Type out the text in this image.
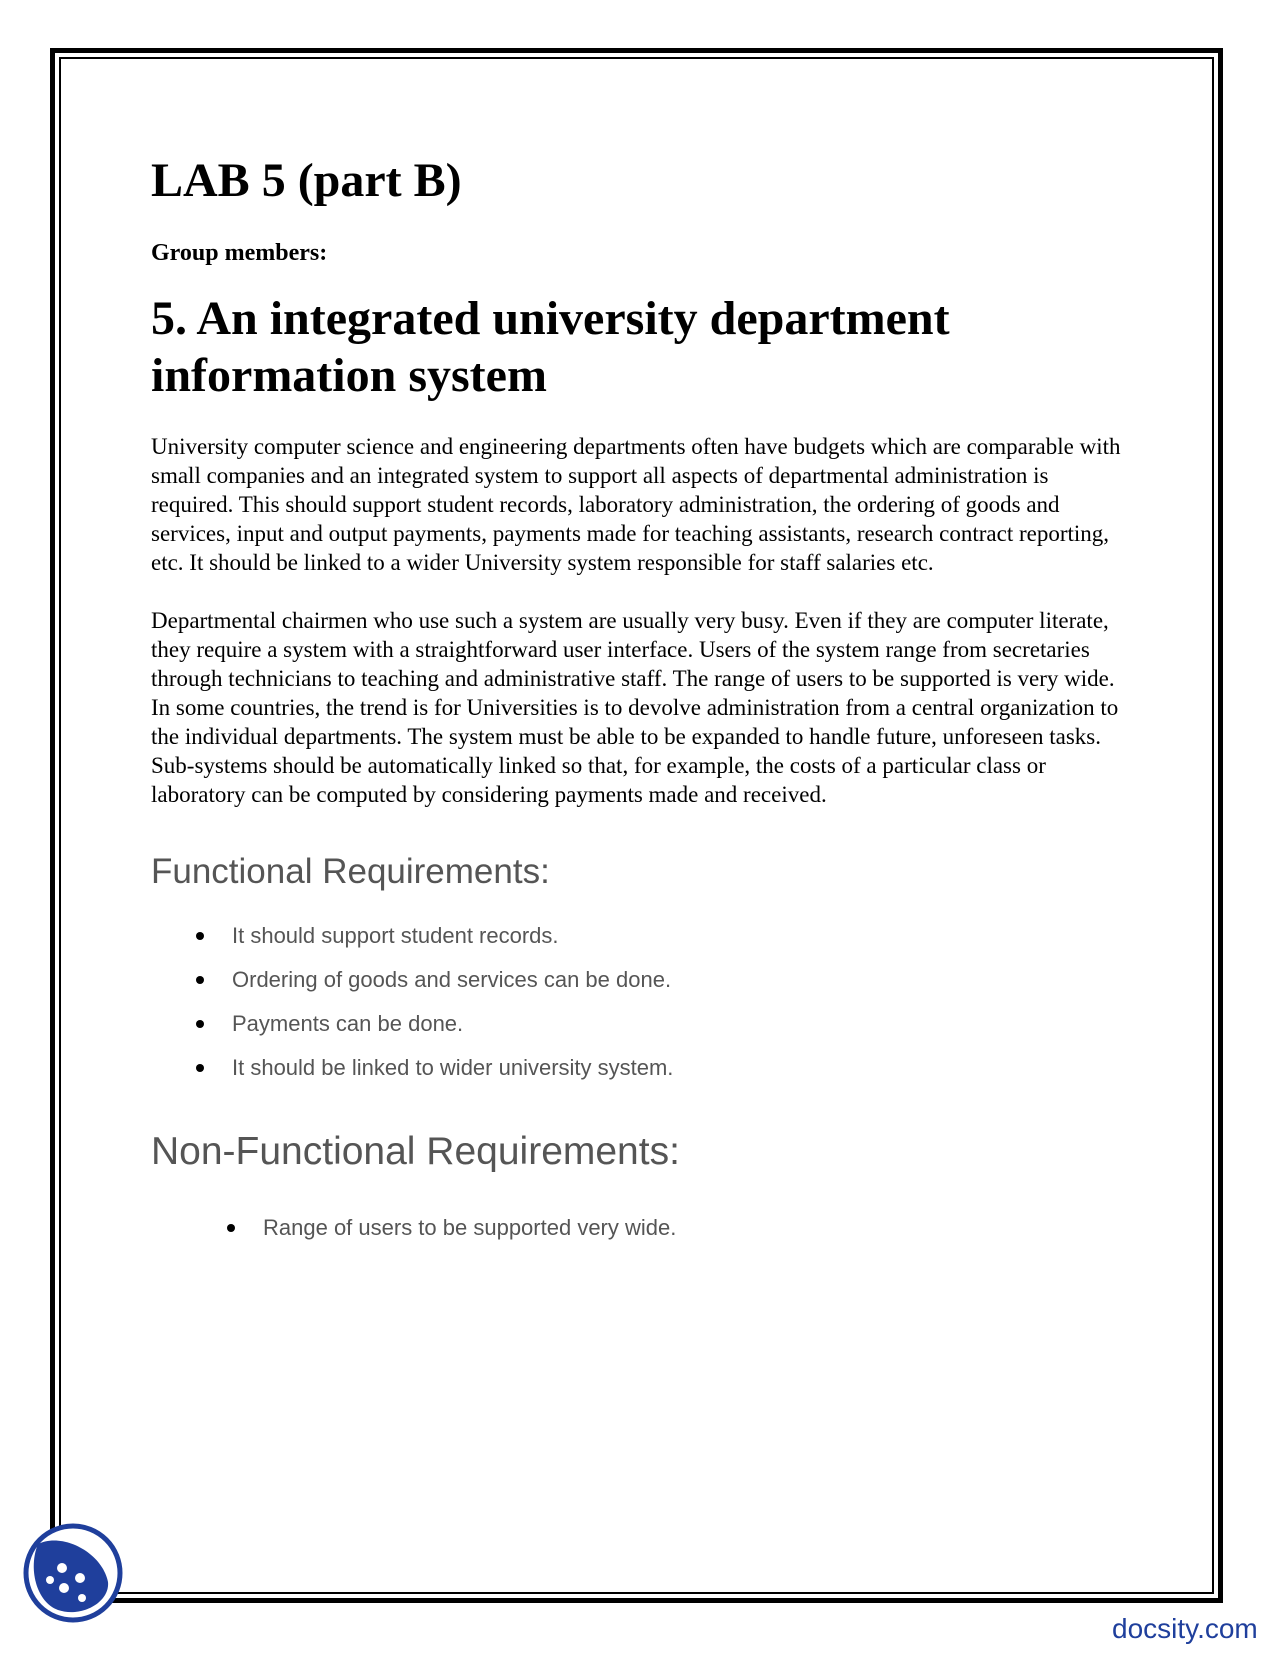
LAB 5 (part B)

Group members:

5. An integrated university department
information system

University computer science and engineering departments often have budgets which are comparable with small companies and an integrated system to support all aspects of departmental administration is required. This should support student records, laboratory administration, the ordering of goods and services, input and output payments, payments made for teaching assistants, research contract reporting, etc. It should be linked to a wider University system responsible for staff salaries etc.

Departmental chairmen who use such a system are usually very busy. Even if they are computer literate, they require a system with a straightforward user interface. Users of the system range from secretaries through technicians to teaching and administrative staff. The range of users to be supported is very wide. In some countries, the trend is for Universities is to devolve administration from a central organization to the individual departments. The system must be able to be expanded to handle future, unforeseen tasks. Sub-systems should be automatically linked so that, for example, the costs of a particular class or laboratory can be computed by considering payments made and received.

Functional Requirements:
It should support student records.
Ordering of goods and services can be done.
Payments can be done.
It should be linked to wider university system.
Non-Functional Requirements:
Range of users to be supported very wide.
docsity.com
